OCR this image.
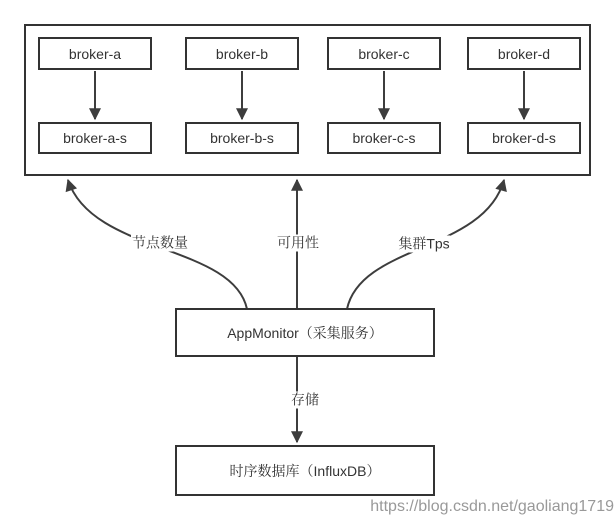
broker-a
broker-a-s
broker-b
broker-b-s
broker-c
broker-c-s
broker-d
broker-d-s
AppMonitor（采集服务）
时序数据库（InfluxDB）
节点数量	可用性	集群Tps
存储
https://blog.csdn.net/gaoliang1719
